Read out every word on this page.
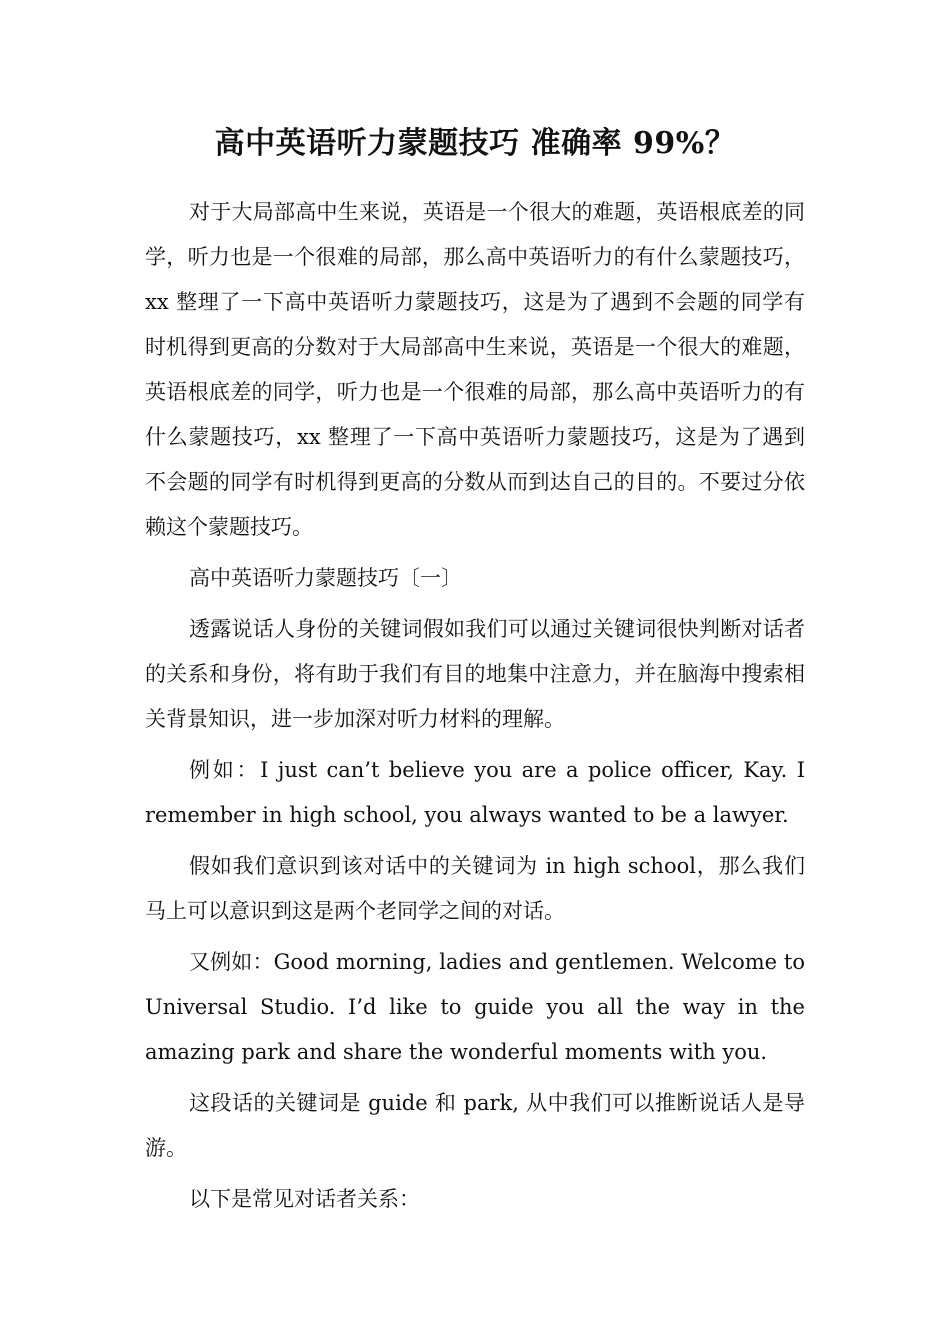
高中英语听力蒙题技巧 准确率 99%？

对于大局部高中生来说，英语是一个很大的难题，英语根底差的同学，听力也是一个很难的局部，那么高中英语听力的有什么蒙题技巧，xx 整理了一下高中英语听力蒙题技巧，这是为了遇到不会题的同学有时机得到更高的分数对于大局部高中生来说，英语是一个很大的难题，英语根底差的同学，听力也是一个很难的局部，那么高中英语听力的有什么蒙题技巧，xx 整理了一下高中英语听力蒙题技巧，这是为了遇到不会题的同学有时机得到更高的分数从而到达自己的目的。不要过分依赖这个蒙题技巧。

高中英语听力蒙题技巧〔一〕

透露说话人身份的关键词假如我们可以通过关键词很快判断对话者的关系和身份，将有助于我们有目的地集中注意力，并在脑海中搜索相关背景知识，进一步加深对听力材料的理解。

例如：I just can’t believe you are a police officer, Kay. I remember in high school, you always wanted to be a lawyer.

假如我们意识到该对话中的关键词为 in high school，那么我们马上可以意识到这是两个老同学之间的对话。

又例如：Good morning, ladies and gentlemen. Welcome to Universal Studio. I’d like to guide you all the way in the amazing park and share the wonderful moments with you.

这段话的关键词是 guide 和 park, 从中我们可以推断说话人是导游。

以下是常见对话者关系：
